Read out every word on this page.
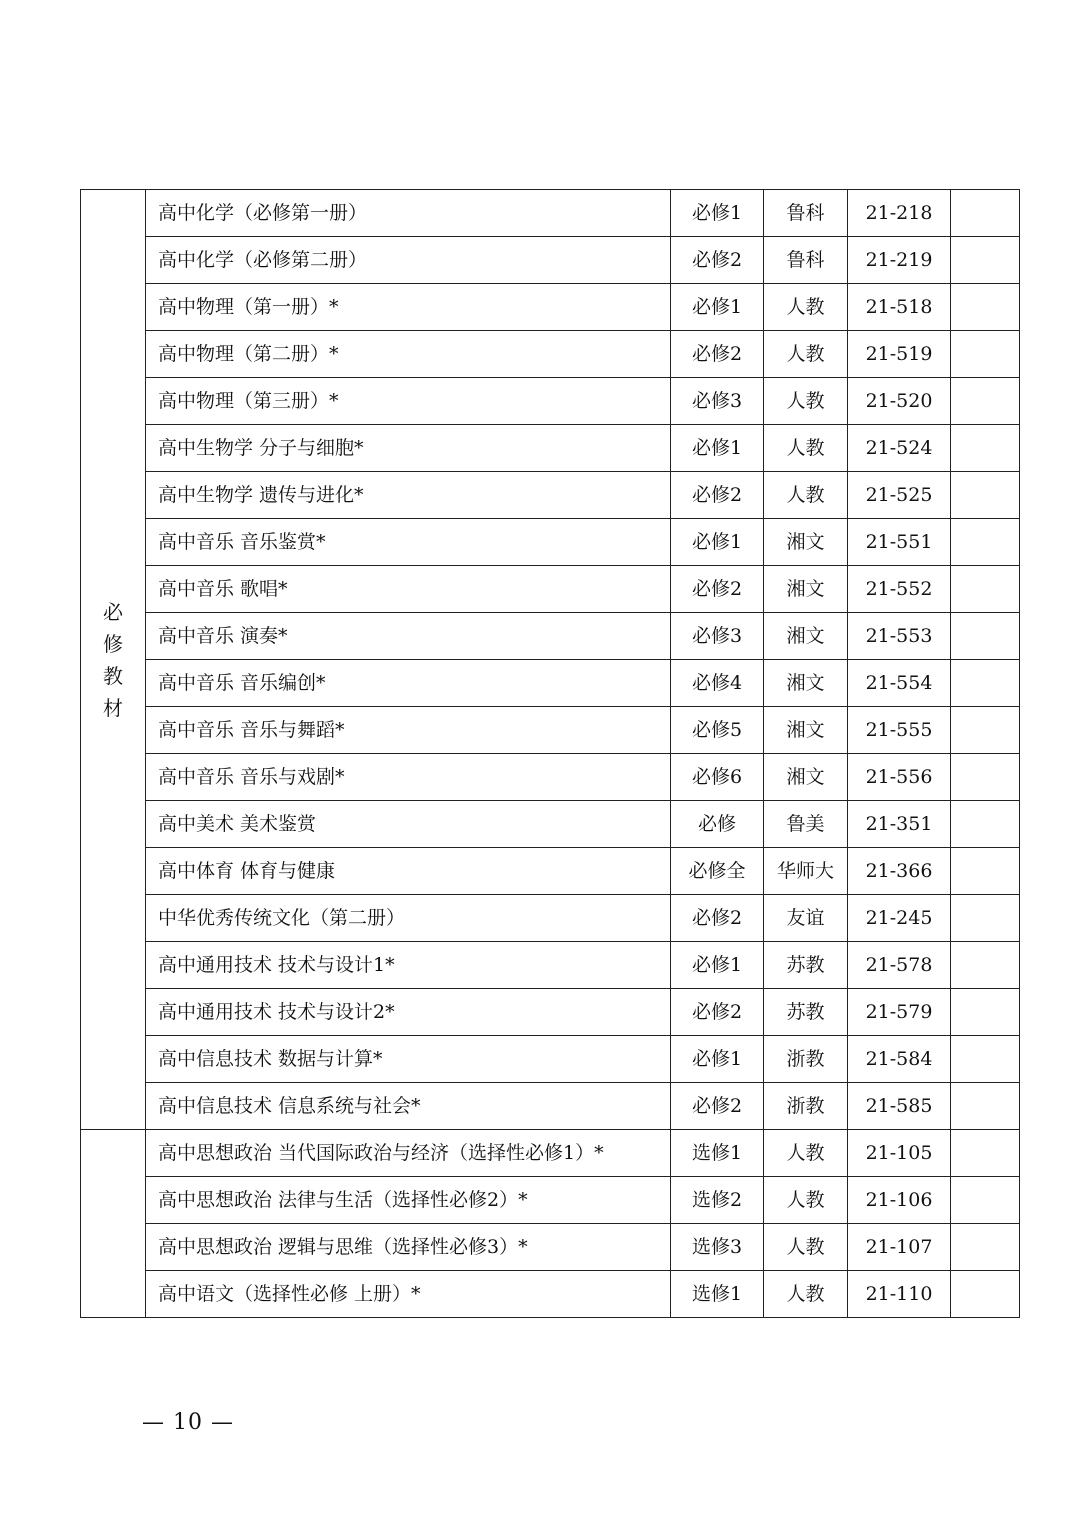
必修教材	高中化学（必修第一册）	必修1	鲁科	21-218	
	高中化学（必修第二册）	必修2	鲁科	21-219	
	高中物理（第一册）*	必修1	人教	21-518	
	高中物理（第二册）*	必修2	人教	21-519	
	高中物理（第三册）*	必修3	人教	21-520	
	高中生物学 分子与细胞*	必修1	人教	21-524	
	高中生物学 遗传与进化*	必修2	人教	21-525	
	高中音乐 音乐鉴赏*	必修1	湘文	21-551	
	高中音乐 歌唱*	必修2	湘文	21-552	
	高中音乐 演奏*	必修3	湘文	21-553	
	高中音乐 音乐编创*	必修4	湘文	21-554	
	高中音乐 音乐与舞蹈*	必修5	湘文	21-555	
	高中音乐 音乐与戏剧*	必修6	湘文	21-556	
	高中美术 美术鉴赏	必修	鲁美	21-351	
	高中体育 体育与健康	必修全	华师大	21-366	
	中华优秀传统文化（第二册）	必修2	友谊	21-245	
	高中通用技术 技术与设计1*	必修1	苏教	21-578	
	高中通用技术 技术与设计2*	必修2	苏教	21-579	
	高中信息技术 数据与计算*	必修1	浙教	21-584	
	高中信息技术 信息系统与社会*	必修2	浙教	21-585	
	高中思想政治 当代国际政治与经济（选择性必修1）*	选修1	人教	21-105	
	高中思想政治 法律与生活（选择性必修2）*	选修2	人教	21-106	
	高中思想政治 逻辑与思维（选择性必修3）*	选修3	人教	21-107	
	高中语文（选择性必修 上册）*	选修1	人教	21-110	
— 10 —
